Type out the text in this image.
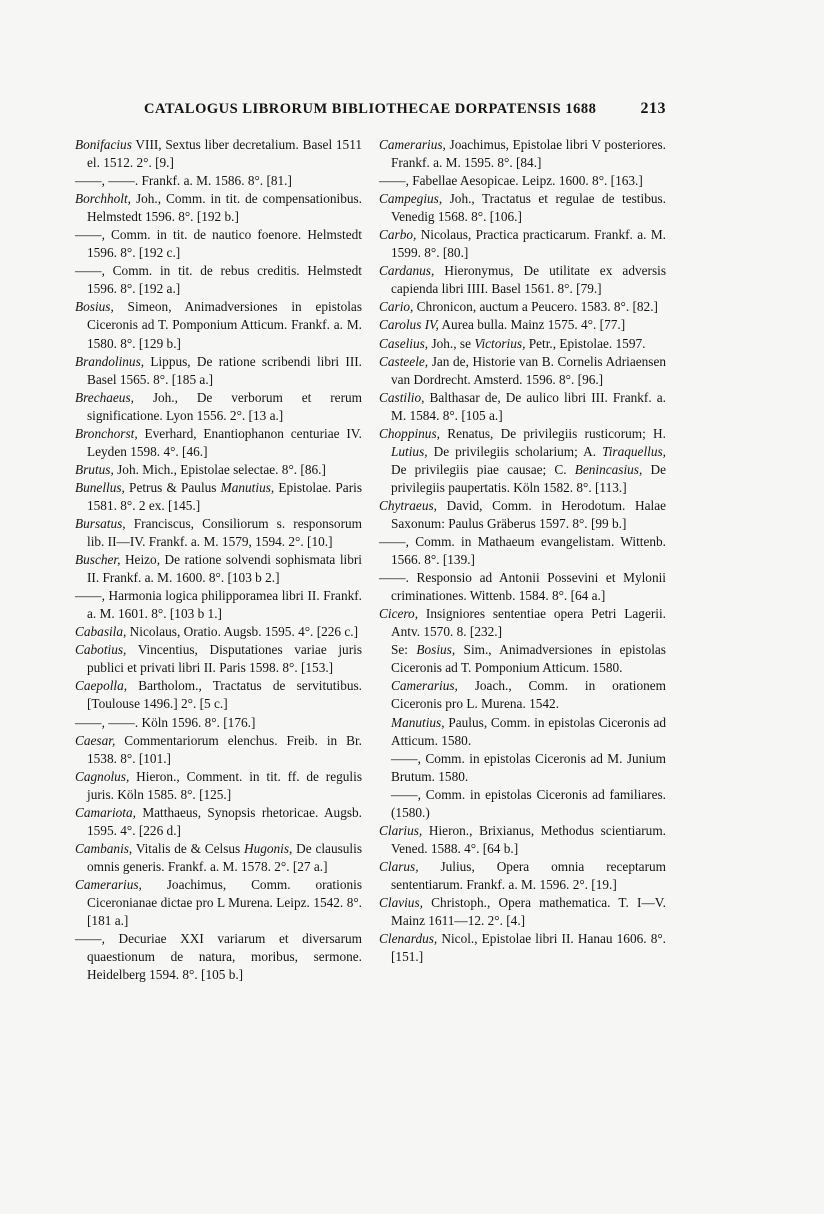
CATALOGUS LIBRORUM BIBLIOTHECAE DORPATENSIS 1688	213

Bonifacius VIII, Sextus liber decretalium. Basel 1511 el. 1512. 2°. [9.]

——, ——. Frankf. a. M. 1586. 8°. [81.]

Borchholt, Joh., Comm. in tit. de compensationibus. Helmstedt 1596. 8°. [192 b.]

——, Comm. in tit. de nautico foenore. Helmstedt 1596. 8°. [192 c.]

——, Comm. in tit. de rebus creditis. Helmstedt 1596. 8°. [192 a.]

Bosius, Simeon, Animadversiones in epistolas Ciceronis ad T. Pomponium Atticum. Frankf. a. M. 1580. 8°. [129 b.]

Brandolinus, Lippus, De ratione scribendi libri III. Basel 1565. 8°. [185 a.]

Brechaeus, Joh., De verborum et rerum significatione. Lyon 1556. 2°. [13 a.]

Bronchorst, Everhard, Enantiophanon centuriae IV. Leyden 1598. 4°. [46.]

Brutus, Joh. Mich., Epistolae selectae. 8°. [86.]

Bunellus, Petrus & Paulus Manutius, Epistolae. Paris 1581. 8°. 2 ex. [145.]

Bursatus, Franciscus, Consiliorum s. responsorum lib. II—IV. Frankf. a. M. 1579, 1594. 2°. [10.]

Buscher, Heizo, De ratione solvendi sophismata libri II. Frankf. a. M. 1600. 8°. [103 b 2.]

——, Harmonia logica philipporamea libri II. Frankf. a. M. 1601. 8°. [103 b 1.]

Cabasila, Nicolaus, Oratio. Augsb. 1595. 4°. [226 c.]

Cabotius, Vincentius, Disputationes variae juris publici et privati libri II. Paris 1598. 8°. [153.]

Caepolla, Bartholom., Tractatus de servitutibus. [Toulouse 1496.] 2°. [5 c.]

——, ——. Köln 1596. 8°. [176.]

Caesar, Commentariorum elenchus. Freib. in Br. 1538. 8°. [101.]

Cagnolus, Hieron., Comment. in tit. ff. de regulis juris. Köln 1585. 8°. [125.]

Camariota, Matthaeus, Synopsis rhetoricae. Augsb. 1595. 4°. [226 d.]

Cambanis, Vitalis de & Celsus Hugonis, De clausulis omnis generis. Frankf. a. M. 1578. 2°. [27 a.]

Camerarius, Joachimus, Comm. orationis Ciceronianae dictae pro L Murena. Leipz. 1542. 8°. [181 a.]

——, Decuriae XXI variarum et diversarum quaestionum de natura, moribus, sermone. Heidelberg 1594. 8°. [105 b.]

Camerarius, Joachimus, Epistolae libri V posteriores. Frankf. a. M. 1595. 8°. [84.]

——, Fabellae Aesopicae. Leipz. 1600. 8°. [163.]

Campegius, Joh., Tractatus et regulae de testibus. Venedig 1568. 8°. [106.]

Carbo, Nicolaus, Practica practicarum. Frankf. a. M. 1599. 8°. [80.]

Cardanus, Hieronymus, De utilitate ex adversis capienda libri IIII. Basel 1561. 8°. [79.]

Cario, Chronicon, auctum a Peucero. 1583. 8°. [82.]

Carolus IV, Aurea bulla. Mainz 1575. 4°. [77.]

Caselius, Joh., se Victorius, Petr., Epistolae. 1597.

Casteele, Jan de, Historie van B. Cornelis Adriaensen van Dordrecht. Amsterd. 1596. 8°. [96.]

Castilio, Balthasar de, De aulico libri III. Frankf. a. M. 1584. 8°. [105 a.]

Choppinus, Renatus, De privilegiis rusticorum; H. Lutius, De privilegiis scholarium; A. Tiraquellus, De privilegiis piae causae; C. Benincasius, De privilegiis paupertatis. Köln 1582. 8°. [113.]

Chytraeus, David, Comm. in Herodotum. Halae Saxonum: Paulus Gräberus 1597. 8°. [99 b.]

——, Comm. in Mathaeum evangelistam. Wittenb. 1566. 8°. [139.]

——. Responsio ad Antonii Possevini et Mylonii criminationes. Wittenb. 1584. 8°. [64 a.]

Cicero, Insigniores sententiae opera Petri Lagerii. Antv. 1570. 8. [232.]

Se: Bosius, Sim., Animadversiones in epistolas Ciceronis ad T. Pomponium Atticum. 1580.

Camerarius, Joach., Comm. in orationem Ciceronis pro L. Murena. 1542.

Manutius, Paulus, Comm. in epistolas Ciceronis ad Atticum. 1580.

——, Comm. in epistolas Ciceronis ad M. Junium Brutum. 1580.

——, Comm. in epistolas Ciceronis ad familiares. (1580.)

Clarius, Hieron., Brixianus, Methodus scientiarum. Vened. 1588. 4°. [64 b.]

Clarus, Julius, Opera omnia receptarum sententiarum. Frankf. a. M. 1596. 2°. [19.]

Clavius, Christoph., Opera mathematica. T. I—V. Mainz 1611—12. 2°. [4.]

Clenardus, Nicol., Epistolae libri II. Hanau 1606. 8°. [151.]
